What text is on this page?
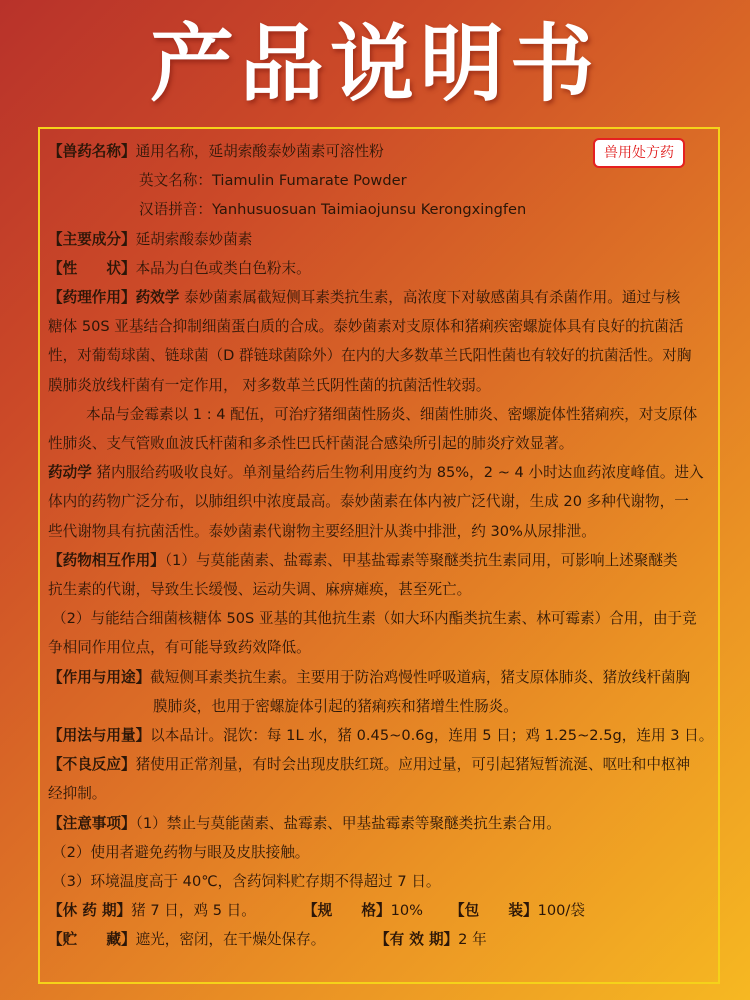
产品说明书
兽用处方药
【兽药名称】通用名称，延胡索酸泰妙菌素可溶性粉
英文名称：Tiamulin Fumarate Powder
汉语拼音：Yanhusuosuan Taimiaojunsu Kerongxingfen
【主要成分】延胡索酸泰妙菌素
【性　　状】本品为白色或类白色粉末。
【药理作用】药效学 泰妙菌素属截短侧耳素类抗生素，高浓度下对敏感菌具有杀菌作用。通过与核
糖体 50S 亚基结合抑制细菌蛋白质的合成。泰妙菌素对支原体和猪痢疾密螺旋体具有良好的抗菌活
性，对葡萄球菌、链球菌（D 群链球菌除外）在内的大多数革兰氏阳性菌也有较好的抗菌活性。对胸
膜肺炎放线杆菌有一定作用， 对多数革兰氏阴性菌的抗菌活性较弱。
本品与金霉素以 1 : 4 配伍，可治疗猪细菌性肠炎、细菌性肺炎、密螺旋体性猪痢疾，对支原体
性肺炎、支气管败血波氏杆菌和多杀性巴氏杆菌混合感染所引起的肺炎疗效显著。
药动学 猪内服给药吸收良好。单剂量给药后生物利用度约为 85%，2 ~ 4 小时达血药浓度峰值。进入
体内的药物广泛分布，以肺组织中浓度最高。泰妙菌素在体内被广泛代谢，生成 20 多种代谢物，一
些代谢物具有抗菌活性。泰妙菌素代谢物主要经胆汁从粪中排泄，约 30%从尿排泄。
【药物相互作用】（1）与莫能菌素、盐霉素、甲基盐霉素等聚醚类抗生素同用，可影响上述聚醚类
抗生素的代谢，导致生长缓慢、运动失调、麻痹瘫痪，甚至死亡。
（2）与能结合细菌核糖体 50S 亚基的其他抗生素（如大环内酯类抗生素、林可霉素）合用，由于竞
争相同作用位点，有可能导致药效降低。
【作用与用途】截短侧耳素类抗生素。主要用于防治鸡慢性呼吸道病，猪支原体肺炎、猪放线杆菌胸
膜肺炎，也用于密螺旋体引起的猪痢疾和猪增生性肠炎。
【用法与用量】以本品计。混饮：每 1L 水，猪 0.45~0.6g，连用 5 日；鸡 1.25~2.5g，连用 3 日。
【不良反应】猪使用正常剂量，有时会出现皮肤红斑。应用过量，可引起猪短暂流涎、呕吐和中枢神
经抑制。
【注意事项】（1）禁止与莫能菌素、盐霉素、甲基盐霉素等聚醚类抗生素合用。
（2）使用者避免药物与眼及皮肤接触。
（3）环境温度高于 40℃，含药饲料贮存期不得超过 7 日。
【休 药 期】猪 7 日，鸡 5 日。	【规　　格】10% 【包　　装】100/袋
【贮　　藏】遮光，密闭，在干燥处保存。	【有 效 期】2 年
